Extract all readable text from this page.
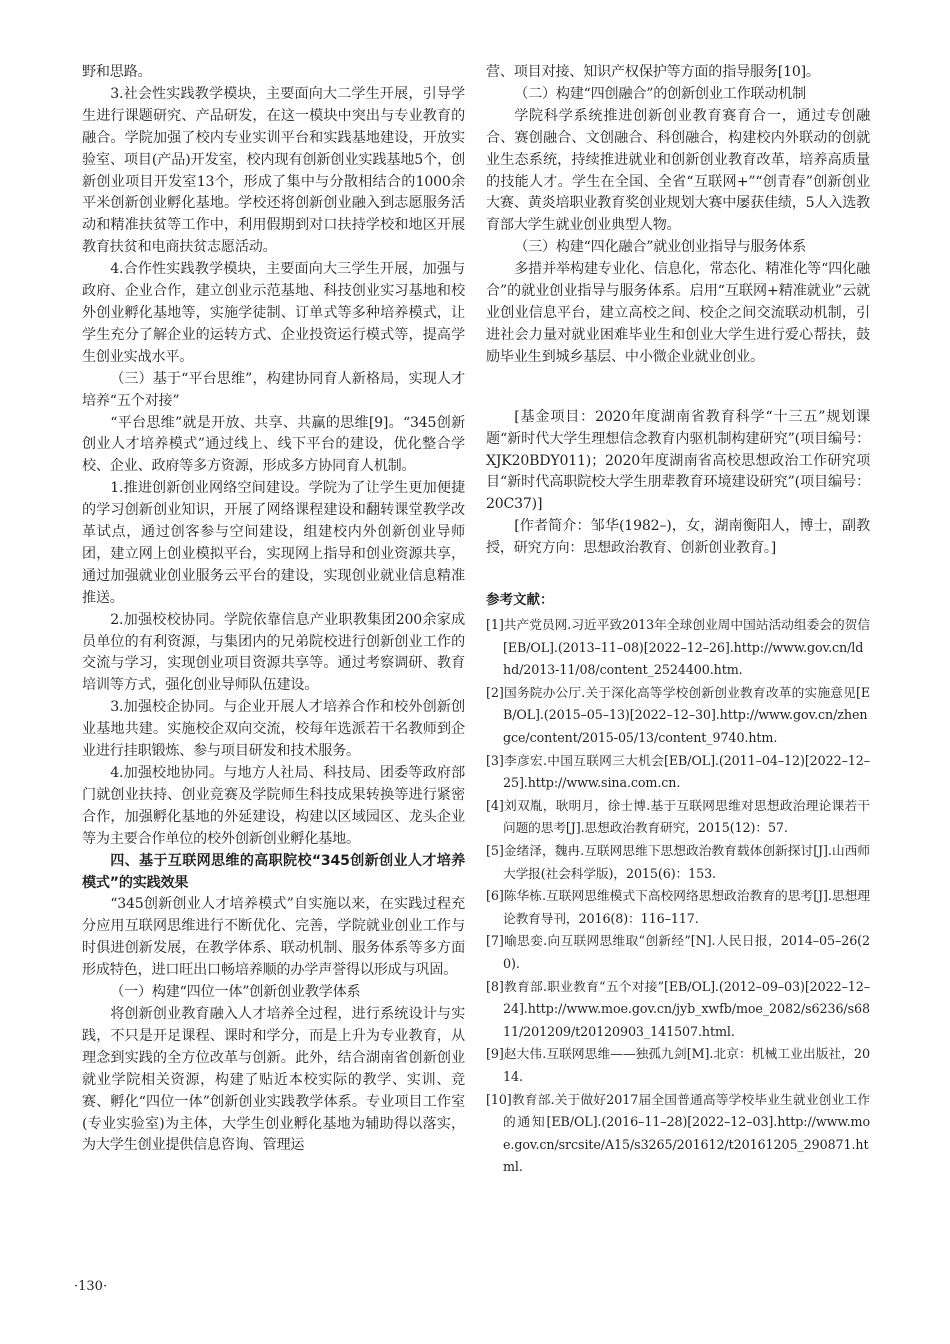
野和思路。

3.社会性实践教学模块，主要面向大二学生开展，引导学生进行课题研究、产品研发，在这一模块中突出与专业教育的融合。学院加强了校内专业实训平台和实践基地建设，开放实验室、项目(产品)开发室，校内现有创新创业实践基地5个，创新创业项目开发室13个，形成了集中与分散相结合的1000余平米创新创业孵化基地。学校还将创新创业融入到志愿服务活动和精准扶贫等工作中，利用假期到对口扶持学校和地区开展教育扶贫和电商扶贫志愿活动。

4.合作性实践教学模块，主要面向大三学生开展，加强与政府、企业合作，建立创业示范基地、科技创业实习基地和校外创业孵化基地等，实施学徒制、订单式等多种培养模式，让学生充分了解企业的运转方式、企业投资运行模式等，提高学生创业实战水平。

（三）基于“平台思维”，构建协同育人新格局，实现人才培养“五个对接”

“平台思维”就是开放、共享、共赢的思维[9]。“345创新创业人才培养模式”通过线上、线下平台的建设，优化整合学校、企业、政府等多方资源，形成多方协同育人机制。

1.推进创新创业网络空间建设。学院为了让学生更加便捷的学习创新创业知识，开展了网络课程建设和翻转课堂教学改革试点，通过创客参与空间建设，组建校内外创新创业导师团，建立网上创业模拟平台，实现网上指导和创业资源共享，通过加强就业创业服务云平台的建设，实现创业就业信息精准推送。

2.加强校校协同。学院依靠信息产业职教集团200余家成员单位的有利资源，与集团内的兄弟院校进行创新创业工作的交流与学习，实现创业项目资源共享等。通过考察调研、教育培训等方式，强化创业导师队伍建设。

3.加强校企协同。与企业开展人才培养合作和校外创新创业基地共建。实施校企双向交流，校每年选派若干名教师到企业进行挂职锻炼、参与项目研发和技术服务。

4.加强校地协同。与地方人社局、科技局、团委等政府部门就创业扶持、创业竞赛及学院师生科技成果转换等进行紧密合作，加强孵化基地的外延建设，构建以区域园区、龙头企业等为主要合作单位的校外创新创业孵化基地。

四、基于互联网思维的高职院校“345创新创业人才培养模式”的实践效果

“345创新创业人才培养模式”自实施以来，在实践过程充分应用互联网思维进行不断优化、完善，学院就业创业工作与时俱进创新发展，在教学体系、联动机制、服务体系等多方面形成特色，进口旺出口畅培养顺的办学声誉得以形成与巩固。

（一）构建“四位一体”创新创业教学体系

将创新创业教育融入人才培养全过程，进行系统设计与实践，不只是开足课程、课时和学分，而是上升为专业教育，从理念到实践的全方位改革与创新。此外，结合湖南省创新创业就业学院相关资源，构建了贴近本校实际的教学、实训、竞赛、孵化“四位一体”创新创业实践教学体系。专业项目工作室(专业实验室)为主体，大学生创业孵化基地为辅助得以落实，为大学生创业提供信息咨询、管理运

营、项目对接、知识产权保护等方面的指导服务[10]。

（二）构建“四创融合”的创新创业工作联动机制

学院科学系统推进创新创业教育赛育合一，通过专创融合、赛创融合、文创融合、科创融合，构建校内外联动的创就业生态系统，持续推进就业和创新创业教育改革，培养高质量的技能人才。学生在全国、全省“互联网+”“创青春”创新创业大赛、黄炎培职业教育奖创业规划大赛中屡获佳绩，5人入选教育部大学生就业创业典型人物。

（三）构建“四化融合”就业创业指导与服务体系

多措并举构建专业化、信息化，常态化、精准化等“四化融合”的就业创业指导与服务体系。启用“互联网+精准就业”云就业创业信息平台，建立高校之间、校企之间交流联动机制，引进社会力量对就业困难毕业生和创业大学生进行爱心帮扶，鼓励毕业生到城乡基层、中小微企业就业创业。

[基金项目：2020年度湖南省教育科学“十三五”规划课题“新时代大学生理想信念教育内驱机制构建研究”(项目编号：XJK20BDY011)；2020年度湖南省高校思想政治工作研究项目“新时代高职院校大学生朋辈教育环境建设研究”(项目编号：20C37)]

[作者简介：邹华(1982–)，女，湖南衡阳人，博士，副教授，研究方向：思想政治教育、创新创业教育。]

参考文献：

[1]共产党员网.习近平致2013年全球创业周中国站活动组委会的贺信[EB/OL].(2013–11–08)[2022–12–26].http://www.gov.cn/ldhd/2013-11/08/content_2524400.htm.

[2]国务院办公厅.关于深化高等学校创新创业教育改革的实施意见[EB/OL].(2015–05–13)[2022–12–30].http://www.gov.cn/zhengce/content/2015-05/13/content_9740.htm.

[3]李彦宏.中国互联网三大机会[EB/OL].(2011–04–12)[2022–12–25].http://www.sina.com.cn.

[4]刘双胤，耿明月，徐士博.基于互联网思维对思想政治理论课若干问题的思考[J].思想政治教育研究，2015(12)：57.

[5]金绪泽，魏冉.互联网思维下思想政治教育载体创新探讨[J].山西师大学报(社会科学版)，2015(6)：153.

[6]陈华栋.互联网思维模式下高校网络思想政治教育的思考[J].思想理论教育导刊，2016(8)：116–117.

[7]喻思娈.向互联网思维取“创新经”[N].人民日报，2014–05–26(20).

[8]教育部.职业教育“五个对接”[EB/OL].(2012–09–03)[2022–12–24].http://www.moe.gov.cn/jyb_xwfb/moe_2082/s6236/s6811/201209/t20120903_141507.html.

[9]赵大伟.互联网思维——独孤九剑[M].北京：机械工业出版社，2014.

[10]教育部.关于做好2017届全国普通高等学校毕业生就业创业工作的通知[EB/OL].(2016–11–28)[2022–12–03].http://www.moe.gov.cn/srcsite/A15/s3265/201612/t20161205_290871.html.

·130·
